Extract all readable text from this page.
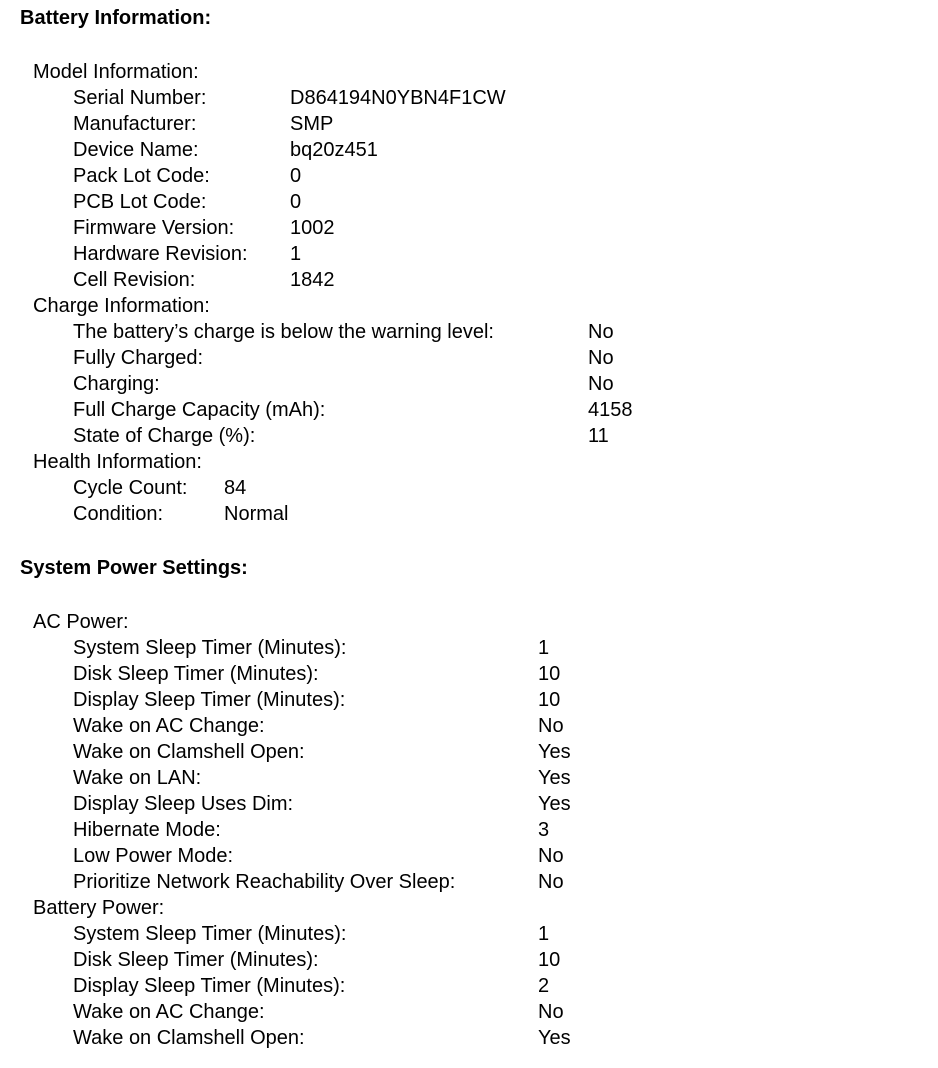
Battery Information:
Model Information:
Serial Number:	D864194N0YBN4F1CW
Manufacturer:	SMP
Device Name:	bq20z451
Pack Lot Code:	0
PCB Lot Code:	0
Firmware Version:	1002
Hardware Revision: 1
Cell Revision:	1842
Charge Information:
The battery’s charge is below the warning level:	No
Fully Charged:	No
Charging:	No
Full Charge Capacity (mAh):	4158
State of Charge (%):	11
Health Information:
Cycle Count: 84
Condition:	Normal
System Power Settings:
AC Power:
System Sleep Timer (Minutes):	1
Disk Sleep Timer (Minutes):	10
Display Sleep Timer (Minutes):	10
Wake on AC Change:	No
Wake on Clamshell Open:	Yes
Wake on LAN:	Yes
Display Sleep Uses Dim:	Yes
Hibernate Mode:	3
Low Power Mode:	No
Prioritize Network Reachability Over Sleep:	No
Battery Power:
System Sleep Timer (Minutes):	1
Disk Sleep Timer (Minutes):	10
Display Sleep Timer (Minutes):	2
Wake on AC Change:	No
Wake on Clamshell Open:	Yes
